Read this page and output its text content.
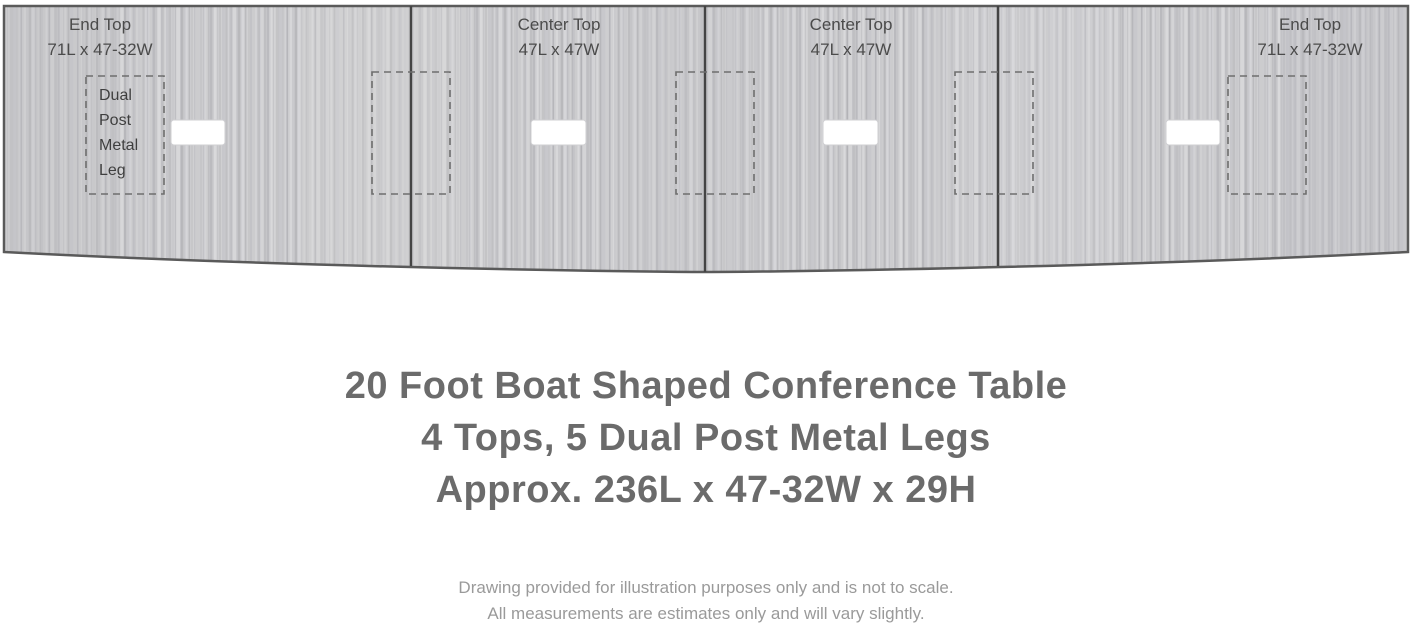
End Top
71L x 47-32W
Center Top
47L x 47W
Center Top
47L x 47W
End Top
71L x 47-32W
Dual
Post
Metal
Leg
20 Foot Boat Shaped Conference Table
4 Tops, 5 Dual Post Metal Legs
Approx. 236L x 47-32W x 29H
Drawing provided for illustration purposes only and is not to scale.
All measurements are estimates only and will vary slightly.
